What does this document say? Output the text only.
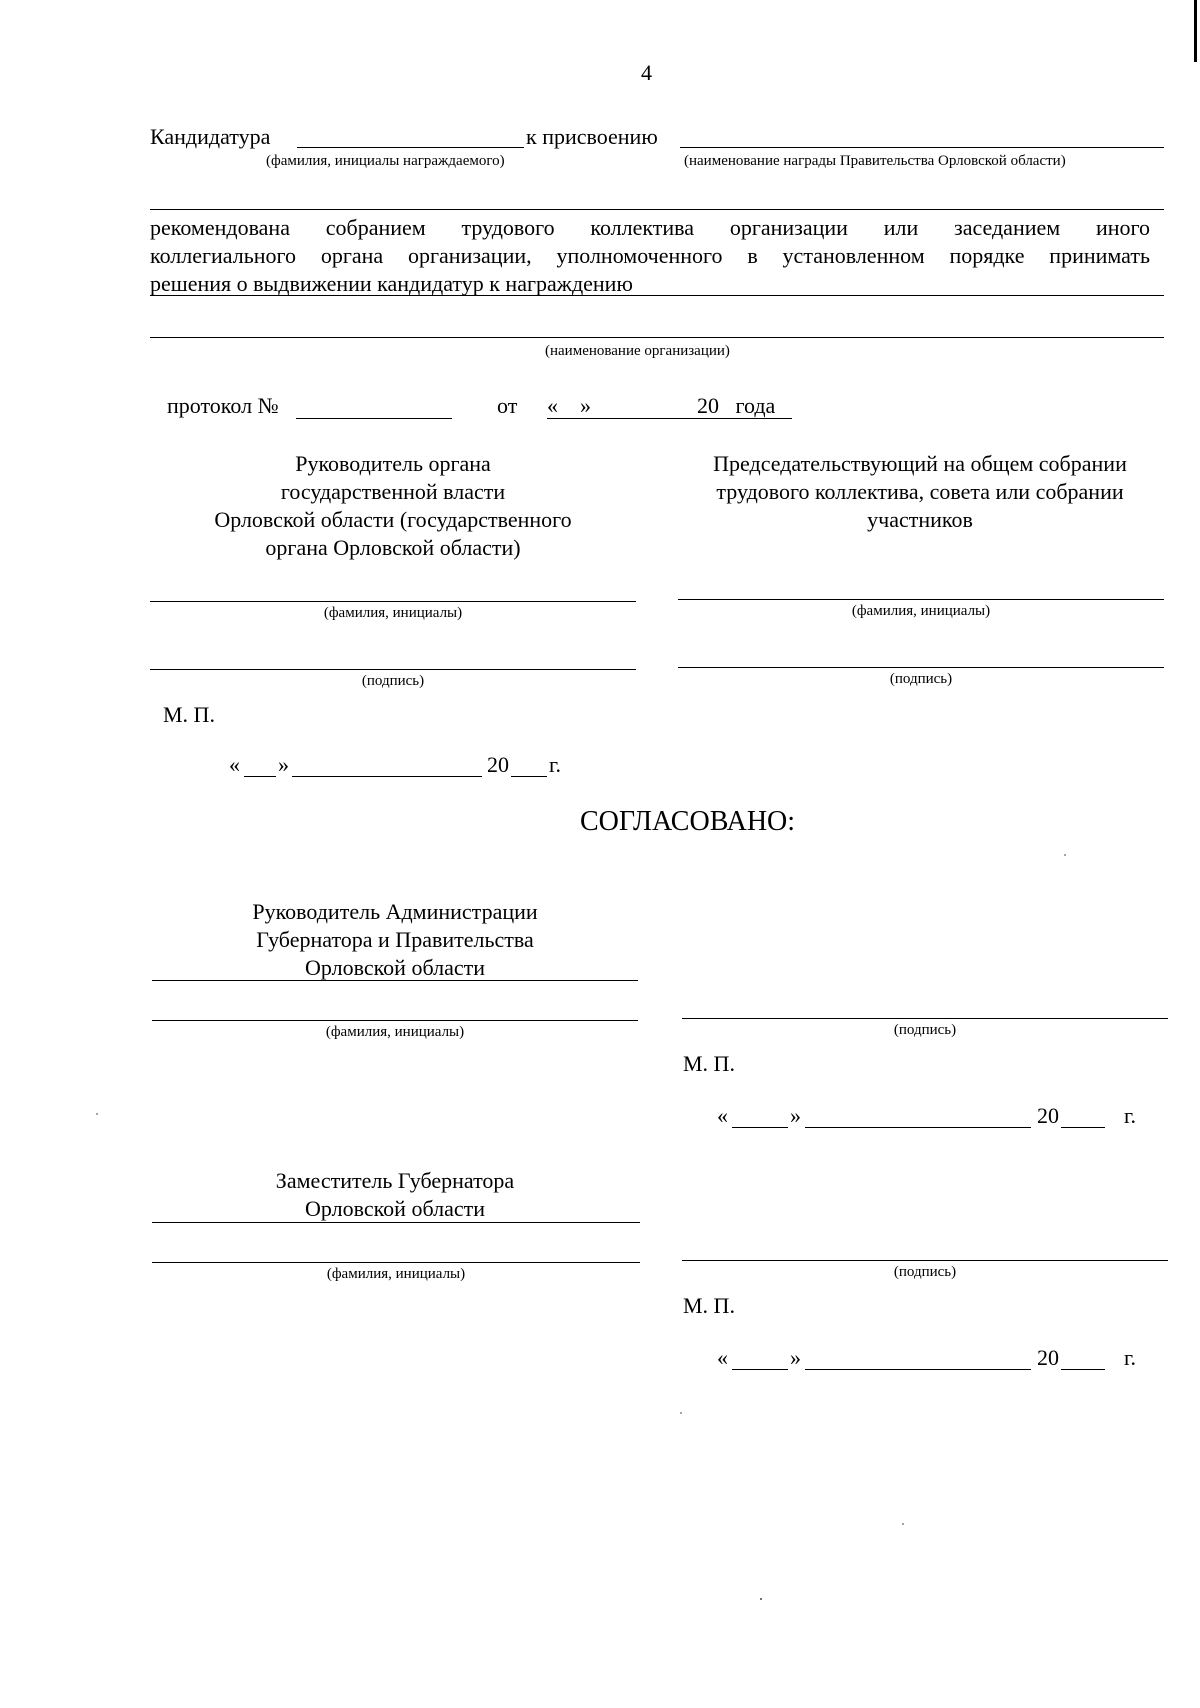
4
Кандидатура	к присвоению
(фамилия, инициалы награждаемого)	(наименование награды Правительства Орловской области)
рекомендована собранием трудового коллектива организации или заседанием иного
коллегиального органа организации, уполномоченного в установленном порядке принимать
решения о выдвижении кандидатур к награждению
(наименование организации)
протокол №	от «    »	20   года
Руководитель органа
государственной власти
Орловской области (государственного
органа Орловской области)
Председательствующий на общем собрании
трудового коллектива, совета или собрании
участников
(фамилия, инициалы)
(подпись)
(фамилия, инициалы)
(подпись)
М. П.
« »	20 г.
СОГЛАСОВАНО:
Руководитель Администрации
Губернатора и Правительства
Орловской области
(фамилия, инициалы)	(подпись)
М. П.
«	»	20	г.
Заместитель Губернатора
Орловской области
(фамилия, инициалы)	(подпись)
М. П.
«	»	20	г.
